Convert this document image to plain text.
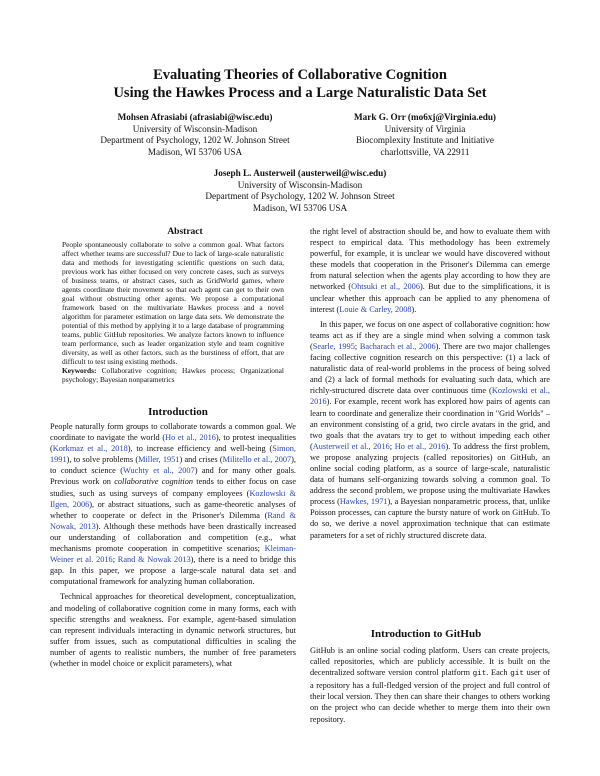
Evaluating Theories of Collaborative Cognition
Using the Hawkes Process and a Large Naturalistic Data Set
Mohsen Afrasiabi (afrasiabi@wisc.edu)
University of Wisconsin-Madison
Department of Psychology, 1202 W. Johnson Street
Madison, WI 53706 USA
Mark G. Orr (mo6xj@Virginia.edu)
University of Virginia
Biocomplexity Institute and Initiative
charlottsville, VA 22911
Joseph L. Austerweil (austerweil@wisc.edu)
University of Wisconsin-Madison
Department of Psychology, 1202 W. Johnson Street
Madison, WI 53706 USA
Abstract
People spontaneously collaborate to solve a common goal. What factors affect whether teams are successful? Due to lack of large-scale naturalistic data and methods for investigating scientific questions on such data, previous work has either focused on very concrete cases, such as surveys of business teams, or abstract cases, such as GridWorld games, where agents coordinate their movement so that each agent can get to their own goal without obstructing other agents. We propose a computational framework based on the multivariate Hawkes process and a novel algorithm for parameter estimation on large data sets. We demonstrate the potential of this method by applying it to a large database of programming teams, public GitHub repositories. We analyze factors known to influence team performance, such as leader organization style and team cognitive diversity, as well as other factors, such as the burstiness of effort, that are difficult to test using existing methods.
Keywords: Collaborative cognition; Hawkes process; Organizational psychology; Bayesian nonparametrics
Introduction

People naturally form groups to collaborate towards a common goal. We coordinate to navigate the world (Ho et al., 2016), to protest inequalities (Korkmaz et al., 2018), to increase efficiency and well-being (Simon, 1991), to solve problems (Miller, 1951) and crises (Militello et al., 2007), to conduct science (Wuchty et al., 2007) and for many other goals. Previous work on collaborative cognition tends to either focus on case studies, such as using surveys of company employees (Kozlowski & Ilgen, 2006), or abstract situations, such as game-theoretic analyses of whether to cooperate or defect in the Prisoner's Dilemma (Rand & Nowak, 2013). Although these methods have been drastically increased our understanding of collaboration and competition (e.g., what mechanisms promote cooperation in competitive scenarios; Kleiman-Weiner et al. 2016; Rand & Nowak 2013), there is a need to bridge this gap. In this paper, we propose a large-scale natural data set and computational framework for analyzing human collaboration.

Technical approaches for theoretical development, conceptualization, and modeling of collaborative cognition come in many forms, each with specific strengths and weakness. For example, agent-based simulation can represent individuals interacting in dynamic network structures, but suffer from issues, such as computational difficulties in scaling the number of agents to realistic numbers, the number of free parameters (whether in model choice or explicit parameters), what

the right level of abstraction should be, and how to evaluate them with respect to empirical data. This methodology has been extremely powerful, for example, it is unclear we would have discovered without these models that cooperation in the Prisoner's Dilemma can emerge from natural selection when the agents play according to how they are networked (Ohtsuki et al., 2006). But due to the simplifications, it is unclear whether this approach can be applied to any phenomena of interest (Louie & Carley, 2008).

In this paper, we focus on one aspect of collaborative cognition: how teams act as if they are a single mind when solving a common task (Searle, 1995; Bacharach et al., 2006). There are two major challenges facing collective cognition research on this perspective: (1) a lack of naturalistic data of real-world problems in the process of being solved and (2) a lack of formal methods for evaluating such data, which are richly-structured discrete data over continuous time (Kozlowski et al., 2016). For example, recent work has explored how pairs of agents can learn to coordinate and generalize their coordination in "Grid Worlds" – an environment consisting of a grid, two circle avatars in the grid, and two goals that the avatars try to get to without impeding each other (Austerweil et al., 2016; Ho et al., 2016). To address the first problem, we propose analyzing projects (called repositories) on GitHub, an online social coding platform, as a source of large-scale, naturalistic data of humans self-organizing towards solving a common goal. To address the second problem, we propose using the multivariate Hawkes process (Hawkes, 1971), a Bayesian nonparametric process, that, unlike Poisson processes, can capture the bursty nature of work on GitHub. To do so, we derive a novel approximation technique that can estimate parameters for a set of richly structured discrete data.

Introduction to GitHub

GitHub is an online social coding platform. Users can create projects, called repositories, which are publicly accessible. It is built on the decentralized software version control platform git. Each git user of a repository has a full-fledged version of the project and full control of their local version. They then can share their changes to others working on the project who can decide whether to merge them into their own repository.
